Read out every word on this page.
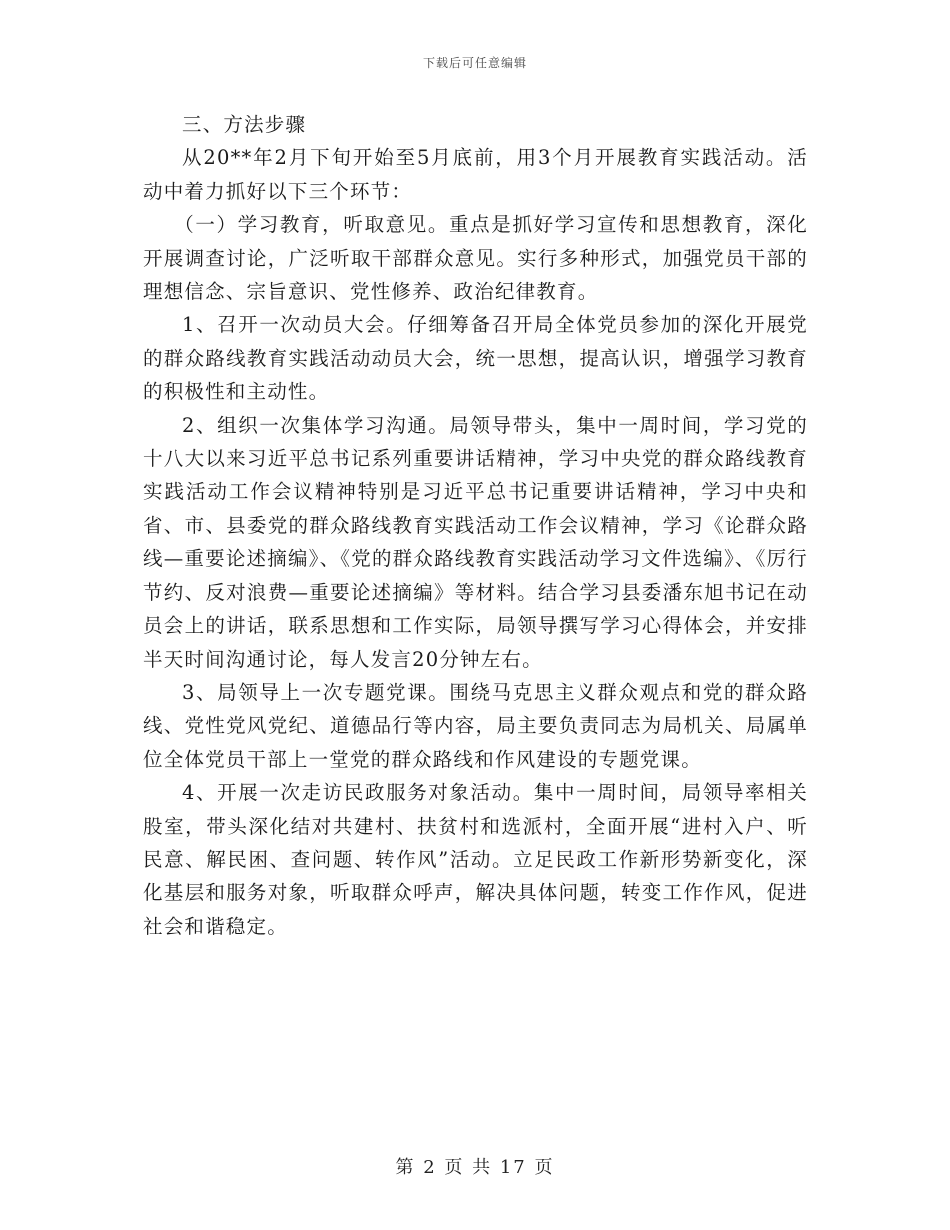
下载后可任意编辑

三、方法步骤

从20**年2月下旬开始至5月底前，用3个月开展教育实践活动。活动中着力抓好以下三个环节：

（一）学习教育，听取意见。重点是抓好学习宣传和思想教育，深化开展调查讨论，广泛听取干部群众意见。实行多种形式，加强党员干部的理想信念、宗旨意识、党性修养、政治纪律教育。

1、召开一次动员大会。仔细筹备召开局全体党员参加的深化开展党的群众路线教育实践活动动员大会，统一思想，提高认识，增强学习教育的积极性和主动性。

2、组织一次集体学习沟通。局领导带头，集中一周时间，学习党的十八大以来习近平总书记系列重要讲话精神，学习中央党的群众路线教育实践活动工作会议精神特别是习近平总书记重要讲话精神，学习中央和省、市、县委党的群众路线教育实践活动工作会议精神，学习《论群众路线—重要论述摘编》、《党的群众路线教育实践活动学习文件选编》、《厉行节约、反对浪费—重要论述摘编》等材料。结合学习县委潘东旭书记在动员会上的讲话，联系思想和工作实际，局领导撰写学习心得体会，并安排半天时间沟通讨论，每人发言20分钟左右。

3、局领导上一次专题党课。围绕马克思主义群众观点和党的群众路线、党性党风党纪、道德品行等内容，局主要负责同志为局机关、局属单位全体党员干部上一堂党的群众路线和作风建设的专题党课。

4、开展一次走访民政服务对象活动。集中一周时间，局领导率相关股室，带头深化结对共建村、扶贫村和选派村，全面开展“进村入户、听民意、解民困、查问题、转作风”活动。立足民政工作新形势新变化，深化基层和服务对象，听取群众呼声，解决具体问题，转变工作作风，促进社会和谐稳定。

第 2 页 共 17 页
